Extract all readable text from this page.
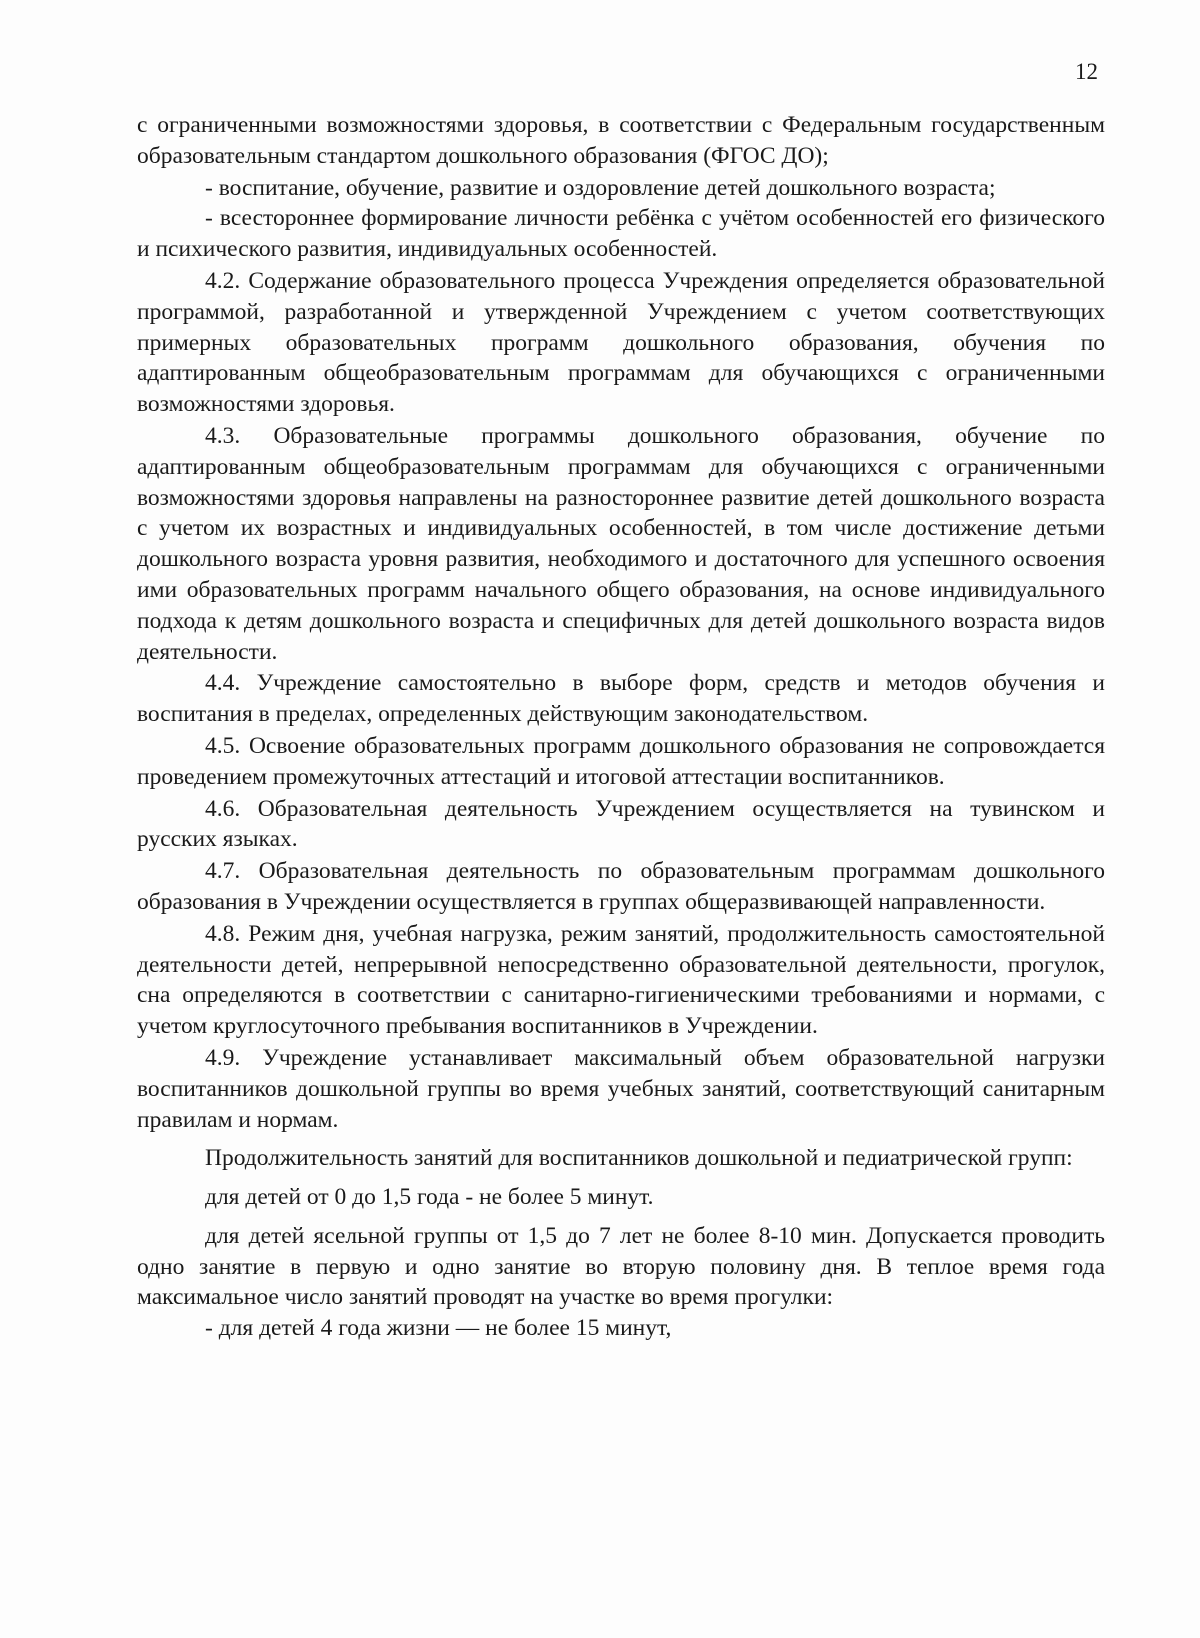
12

с ограниченными возможностями здоровья, в соответствии с Федеральным государственным образовательным стандартом дошкольного образования (ФГОС ДО);

- воспитание, обучение, развитие и оздоровление детей дошкольного возраста;

- всестороннее формирование личности ребёнка с учётом особенностей его физического и психического развития, индивидуальных особенностей.

4.2. Содержание образовательного процесса Учреждения определяется образовательной программой, разработанной и утвержденной Учреждением с учетом соответствующих примерных образовательных программ дошкольного образования, обучения по адаптированным общеобразовательным программам для обучающихся с ограниченными возможностями здоровья.

4.3. Образовательные программы дошкольного образования, обучение по адаптированным общеобразовательным программам для обучающихся с ограниченными возможностями здоровья направлены на разностороннее развитие детей дошкольного возраста с учетом их возрастных и индивидуальных особенностей, в том числе достижение детьми дошкольного возраста уровня развития, необходимого и достаточного для успешного освоения ими образовательных программ начального общего образования, на основе индивидуального подхода к детям дошкольного возраста и специфичных для детей дошкольного возраста видов деятельности.

4.4. Учреждение самостоятельно в выборе форм, средств и методов обучения и воспитания в пределах, определенных действующим законодательством.

4.5. Освоение образовательных программ дошкольного образования не сопровождается проведением промежуточных аттестаций и итоговой аттестации воспитанников.

4.6. Образовательная деятельность Учреждением осуществляется на тувинском и русских языках.

4.7. Образовательная деятельность по образовательным программам дошкольного образования в Учреждении осуществляется в группах общеразвивающей направленности.

4.8. Режим дня, учебная нагрузка, режим занятий, продолжительность самостоятельной деятельности детей, непрерывной непосредственно образовательной деятельности, прогулок, сна определяются в соответствии с санитарно-гигиеническими требованиями и нормами, с учетом круглосуточного пребывания воспитанников в Учреждении.

4.9. Учреждение устанавливает максимальный объем образовательной нагрузки воспитанников дошкольной группы во время учебных занятий, соответствующий санитарным правилам и нормам.

Продолжительность занятий для воспитанников дошкольной и педиатрической групп:

для детей от 0 до 1,5 года - не более 5 минут.

для детей ясельной группы от 1,5 до 7 лет не более 8-10 мин. Допускается проводить одно занятие в первую и одно занятие во вторую половину дня. В теплое время года максимальное число занятий проводят на участке во время прогулки:

- для детей 4 года жизни — не более 15 минут,
